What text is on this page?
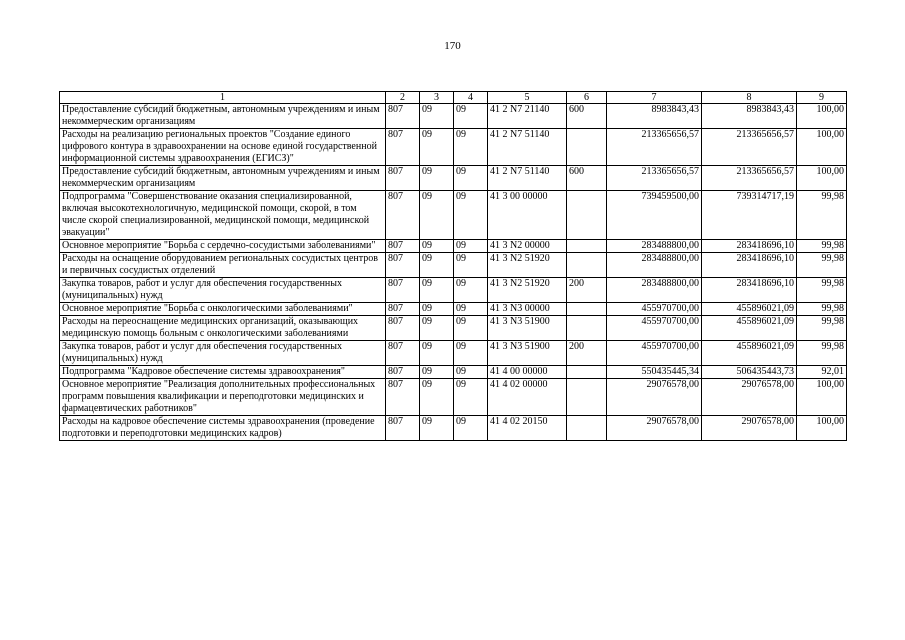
170
1	2	3	4	5	6	7	8	9
Предоставление субсидий бюджетным, автономным учреждениям и иным некоммерческим организациям	807	09	09	41 2 N7 21140	600	8983843,43	8983843,43	100,00
Расходы на реализацию региональных проектов "Создание единого цифрового контура в здравоохранении на основе единой государственной информационной системы здравоохранения (ЕГИСЗ)"	807	09	09	41 2 N7 51140		213365656,57	213365656,57	100,00
Предоставление субсидий бюджетным, автономным учреждениям и иным некоммерческим организациям	807	09	09	41 2 N7 51140	600	213365656,57	213365656,57	100,00
Подпрограмма "Совершенствование оказания специализированной, включая высокотехнологичную, медицинской помощи, скорой, в том числе скорой специализированной, медицинской помощи, медицинской эвакуации"	807	09	09	41 3 00 00000		739459500,00	739314717,19	99,98
Основное мероприятие "Борьба с сердечно-сосудистыми заболеваниями"	807	09	09	41 3 N2 00000		283488800,00	283418696,10	99,98
Расходы на оснащение оборудованием региональных сосудистых центров и первичных сосудистых отделений	807	09	09	41 3 N2 51920		283488800,00	283418696,10	99,98
Закупка товаров, работ и услуг для обеспечения государственных (муниципальных) нужд	807	09	09	41 3 N2 51920	200	283488800,00	283418696,10	99,98
Основное мероприятие "Борьба с онкологическими заболеваниями"	807	09	09	41 3 N3 00000		455970700,00	455896021,09	99,98
Расходы на переоснащение медицинских организаций, оказывающих медицинскую помощь больным с онкологическими заболеваниями	807	09	09	41 3 N3 51900		455970700,00	455896021,09	99,98
Закупка товаров, работ и услуг для обеспечения государственных (муниципальных) нужд	807	09	09	41 3 N3 51900	200	455970700,00	455896021,09	99,98
Подпрограмма "Кадровое обеспечение системы здравоохранения"	807	09	09	41 4 00 00000		550435445,34	506435443,73	92,01
Основное мероприятие "Реализация дополнительных профессиональных программ повышения квалификации и переподготовки медицинских и фармацевтических работников"	807	09	09	41 4 02 00000		29076578,00	29076578,00	100,00
Расходы на кадровое обеспечение системы здравоохранения (проведение подготовки и переподготовки медицинских кадров)	807	09	09	41 4 02 20150		29076578,00	29076578,00	100,00
